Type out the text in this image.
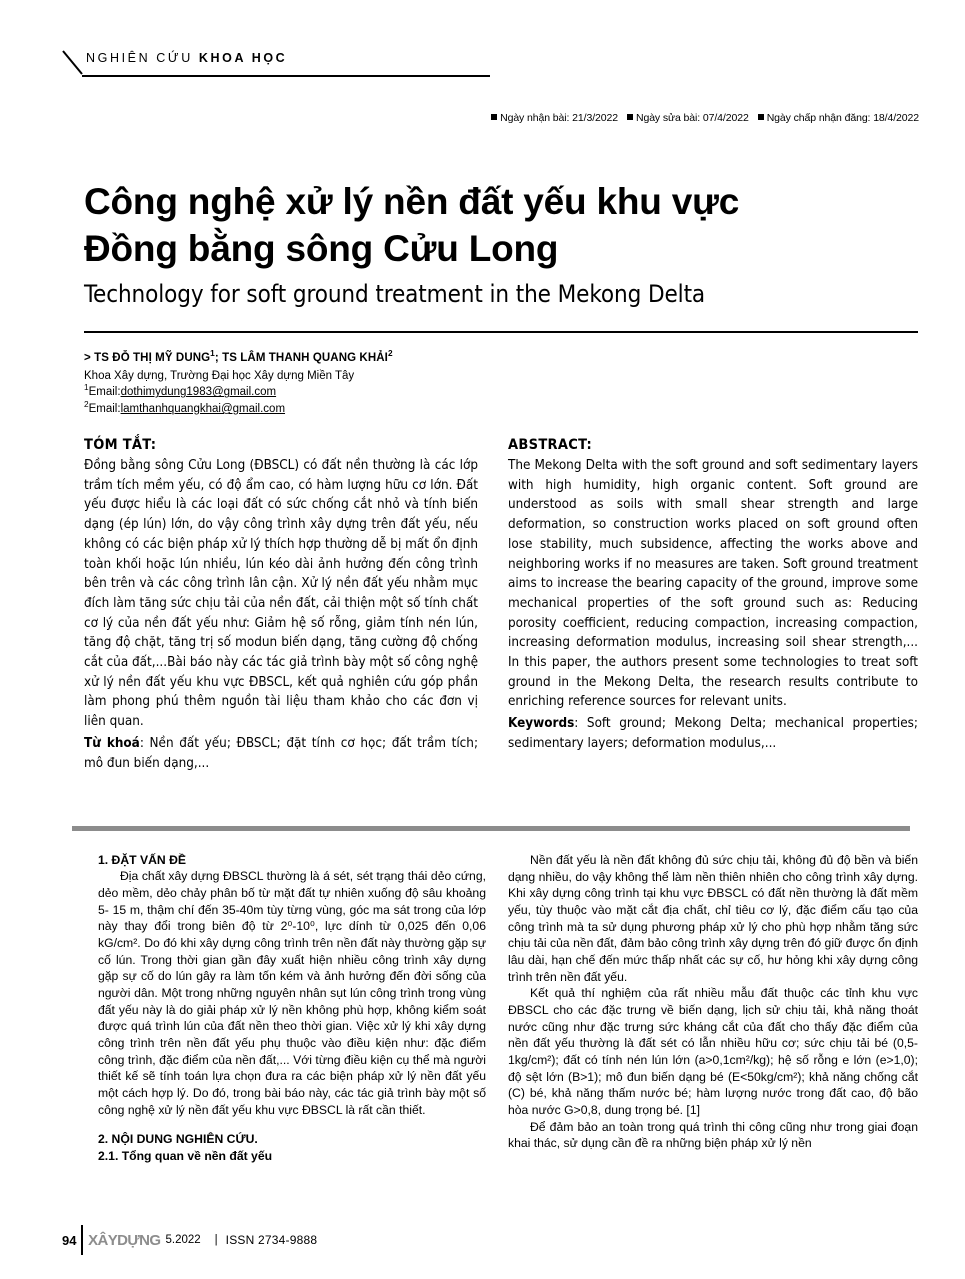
NGHIÊN CỨU KHOA HỌC
Ngày nhận bài: 21/3/2022 Ngày sửa bài: 07/4/2022 Ngày chấp nhận đăng: 18/4/2022
Công nghệ xử lý nền đất yếu khu vực
Đồng bằng sông Cửu Long
Technology for soft ground treatment in the Mekong Delta
> TS ĐỖ THỊ MỸ DUNG$^1$; TS LÂM THANH QUANG KHẢI$^2$
Khoa Xây dựng, Trường Đại học Xây dựng Miền Tây
$^1$Email:dothimydung1983@gmail.com
$^2$Email:lamthanhquangkhai@gmail.com
TÓM TẮT:
Đồng bằng sông Cửu Long (ĐBSCL) có đất nền thường là các lớp trầm tích mềm yếu, có độ ẩm cao, có hàm lượng hữu cơ lớn. Đất yếu được hiểu là các loại đất có sức chống cắt nhỏ và tính biến dạng (ép lún) lớn, do vậy công trình xây dựng trên đất yếu, nếu không có các biện pháp xử lý thích hợp thường dễ bị mất ổn định toàn khối hoặc lún nhiều, lún kéo dài ảnh hưởng đến công trình bên trên và các công trình lân cận. Xử lý nền đất yếu nhằm mục đích làm tăng sức chịu tải của nền đất, cải thiện một số tính chất cơ lý của nền đất yếu như: Giảm hệ số rỗng, giảm tính nén lún, tăng độ chặt, tăng trị số modun biến dạng, tăng cường độ chống cắt của đất,...Bài báo này các tác giả trình bày một số công nghệ xử lý nền đất yếu khu vực ĐBSCL, kết quả nghiên cứu góp phần làm phong phú thêm nguồn tài liệu tham khảo cho các đơn vị liên quan.
Từ khoá: Nền đất yếu; ĐBSCL; đặt tính cơ học; đất trầm tích; mô đun biến dạng,...
ABSTRACT:
The Mekong Delta with the soft ground and soft sedimentary layers with high humidity, high organic content. Soft ground are understood as soils with small shear strength and large deformation, so construction works placed on soft ground often lose stability, much subsidence, affecting the works above and neighboring works if no measures are taken. Soft ground treatment aims to increase the bearing capacity of the ground, improve some mechanical properties of the soft ground such as: Reducing porosity coefficient, reducing compaction, increasing compaction, increasing deformation modulus, increasing soil shear strength,... In this paper, the authors present some technologies to treat soft ground in the Mekong Delta, the research results contribute to enriching reference sources for relevant units.
Keywords: Soft ground; Mekong Delta; mechanical properties; sedimentary layers; deformation modulus,...
1. ĐẶT VẤN ĐỀ

Địa chất xây dựng ĐBSCL thường là á sét, sét trạng thái dẻo cứng, dẻo mềm, dẻo chảy phân bố từ mặt đất tự nhiên xuống độ sâu khoảng 5- 15 m, thậm chí đến 35-40m tùy từng vùng, góc ma sát trong của lớp này thay đổi trong biên độ từ 2⁰-10⁰, lực dính từ 0,025 đến 0,06 kG/cm². Do đó khi xây dựng công trình trên nền đất này thường gặp sự cố lún. Trong thời gian gần đây xuất hiện nhiều công trình xây dựng gặp sự cố do lún gây ra làm tốn kém và ảnh hưởng đến đời sống của người dân. Một trong những nguyên nhân sụt lún công trình trong vùng đất yếu này là do giải pháp xử lý nền không phù hợp, không kiểm soát được quá trình lún của đất nền theo thời gian. Việc xử lý khi xây dựng công trình trên nền đất yếu phụ thuộc vào điều kiện như: đặc điểm công trình, đặc điểm của nền đất,... Với từng điều kiện cụ thể mà người thiết kế sẽ tính toán lựa chọn đưa ra các biện pháp xử lý nền đất yếu một cách hợp lý. Do đó, trong bài báo này, các tác giả trình bày một số công nghệ xử lý nền đất yếu khu vực ĐBSCL là rất cần thiết.

2. NỘI DUNG NGHIÊN CỨU.
2.1. Tổng quan về nền đất yếu

Nền đất yếu là nền đất không đủ sức chịu tải, không đủ độ bền và biến dạng nhiều, do vậy không thể làm nền thiên nhiên cho công trình xây dựng. Khi xây dựng công trình tại khu vực ĐBSCL có đất nền thường là đất mềm yếu, tùy thuộc vào mặt cắt địa chất, chỉ tiêu cơ lý, đặc điểm cấu tạo của công trình mà ta sử dụng phương pháp xử lý cho phù hợp nhằm tăng sức chịu tải của nền đất, đảm bảo công trình xây dựng trên đó giữ được ổn định lâu dài, hạn chế đến mức thấp nhất các sự cố, hư hỏng khi xây dựng công trình trên nền đất yếu.

Kết quả thí nghiệm của rất nhiều mẫu đất thuộc các tỉnh khu vực ĐBSCL cho các đặc trưng về biến dạng, lịch sử chịu tải, khả năng thoát nước cũng như đặc trưng sức kháng cắt của đất cho thấy đặc điểm của nền đất yếu thường là đất sét có lẫn nhiều hữu cơ; sức chịu tải bé (0,5-1kg/cm²); đất có tính nén lún lớn (a>0,1cm²/kg); hệ số rỗng e lớn (e>1,0); độ sệt lớn (B>1); mô đun biến dạng bé (E<50kg/cm²); khả năng chống cắt (C) bé, khả năng thấm nước bé; hàm lượng nước trong đất cao, độ bão hòa nước G>0,8, dung trọng bé. [1]

Để đảm bảo an toàn trong quá trình thi công cũng như trong giai đoạn khai thác, sử dụng cần đề ra những biện pháp xử lý nền

94 XÂYDỰNG 5.2022 | ISSN 2734-9888
